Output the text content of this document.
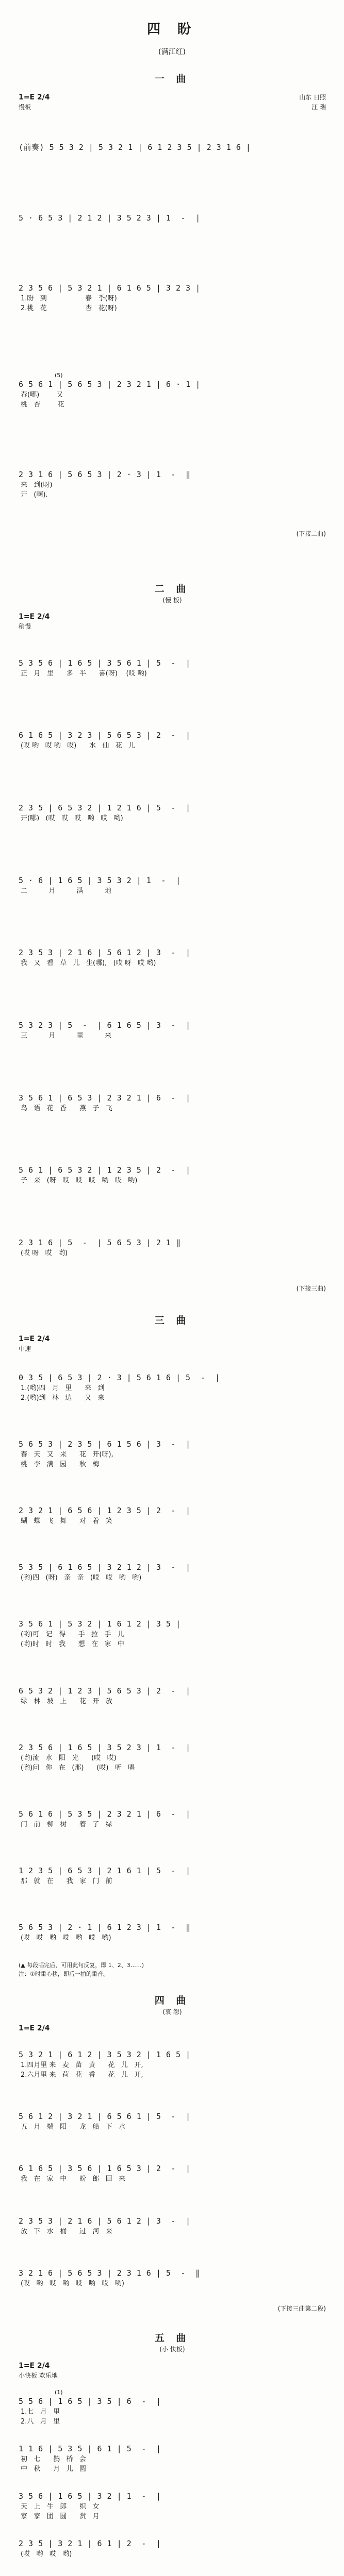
四 盼
(满江红)
一 曲
1=E 2/4
慢板
山东 日照
汪 瑞
(前奏) 5 5 3 2 | 5 3 2 1 | 6 1 2 3 5 | 2 3 1 6 |
5 · 6 5 3 | 2 1 2 | 3 5 2 3 | 1  -  |
2 3 5 6 | 5 3 2 1 | 6 1 6 5 | 3 2 3 |
1.盼   到                  春   季(呀)
2.桃   花                  杏   花(呀)
(5)
6 5 6 1 | 5 6 5 3 | 2 3 2 1 | 6 · 1 |
春(哪)        又
桃   杏        花
2 3 1 6 | 5 6 5 3 | 2 · 3 | 1  -  ‖
来   到(呀)
开   (啊).
(下接二曲)
二 曲
(慢 板)
1=E 2/4
稍慢
5 3 5 6 | 1 6 5 | 3 5 6 1 | 5  -  |
正   月   里      多   半      喜(呀)    (哎 哟)
6 1 6 5 | 3 2 3 | 5 6 5 3 | 2  -  |
(哎 哟   哎 哟   哎)      水   仙   花   儿
2 3 5 | 6 5 3 2 | 1 2 1 6 | 5  -  |
开(哪)   (哎   哎   哎   哟   哎   哟)
5 · 6 | 1 6 5 | 3 5 3 2 | 1  -  |
二          月          满          地
2 3 5 3 | 2 1 6 | 5 6 1 2 | 3  -  |
我   又   看   草   儿   生(哪),   (哎 呀   哎 哟)
5 3 2 3 | 5  -  | 6 1 6 5 | 3  -  |
三          月          里          来
3 5 6 1 | 6 5 3 | 2 3 2 1 | 6  -  |
鸟   语   花   香      燕   子   飞
5 6 1 | 6 5 3 2 | 1 2 3 5 | 2  -  |
子   来   (呀   哎   哎   哎   哟   哎   哟)
2 3 1 6 | 5  -  | 5 6 5 3 | 2 1 ‖
(哎 呀   哎   哟)
(下接三曲)
三 曲
1=E 2/4
中速
0 3 5 | 6 5 3 | 2 · 3 | 5 6 1 6 | 5  -  |
1.(哟)四   月   里      来   到
2.(哟)到   林   边      又   来
5 6 5 3 | 2 3 5 | 6 1 5 6 | 3  -  |
春   天   又   来      花   开(呀),
桃   李   满   园      秋   梅
2 3 2 1 | 6 5 6 | 1 2 3 5 | 2  -  |
蝴   蝶   飞   舞      对   着   笑
5 3 5 | 6 1 6 5 | 3 2 1 2 | 3  -  |
(哟)四   (呀)   亲   亲   (哎   哎   哟   哟)
3 5 6 1 | 5 3 2 | 1 6 1 2 | 3 5 |
(哟)可   记   得      手   拉   手   儿
(哟)时   时   我      想   在   家   中
6 5 3 2 | 1 2 3 | 5 6 5 3 | 2  -  |
绿   林   坡   上      花   开   放
2 3 5 6 | 1 6 5 | 3 5 2 3 | 1  -  |
(哟)流   水   阳   光      (哎   哎)
(哟)问   你   在   (那)      (哎)   听   唱
5 6 1 6 | 5 3 5 | 2 3 2 1 | 6  -  |
门   前   柳   树      着   了   绿
1 2 3 5 | 6 5 3 | 2 1 6 1 | 5  -  |
那   就   在      我   家   门   前
5 6 5 3 | 2 · 1 | 6 1 2 3 | 1  -  ‖
(哎   哎   哟   哎   哟   哎   哟)
(▲ 每段唱完后，可用此句反复，即 1、2、3……)
注：①时重心移，即后一拍的重音。
四 曲
(哀 怨)
1=E 2/4
5 3 2 1 | 6 1 2 | 3 5 3 2 | 1 6 5 |
1.四月里 来   麦   苗   黄      花   儿   开,
2.六月里 来   荷   花   香      花   儿   开,
5 6 1 2 | 3 2 1 | 6 5 6 1 | 5  -  |
五   月   端   阳      龙   船   下   水
6 1 6 5 | 3 5 6 | 1 6 5 3 | 2  -  |
我   在   家   中      盼   郎   回   来
2 3 5 3 | 2 1 6 | 5 6 1 2 | 3  -  |
放   下   水   桶      过   河   来
3 2 1 6 | 5 6 5 3 | 2 3 1 6 | 5  -  ‖
(哎   哟   哎   哟   哎   哟   哎   哟)
(下接三曲第二段)
五 曲
(小 快板)
1=E 2/4
小快板 欢乐地
(1)
5 5 6 | 1 6 5 | 3 5 | 6  -  |
1.七   月   里
2.八   月   里
1 1 6 | 5 3 5 | 6 1 | 5  -  |
初   七      鹊   桥   会
中   秋      月   儿   圆
3 5 6 | 1 6 5 | 3 2 | 1  -  |
天   上   牛   郎      织   女
家   家   团   圆      赏   月
2 3 5 | 3 2 1 | 6 1 | 2  -  |
(哎   哟   哎   哟)
